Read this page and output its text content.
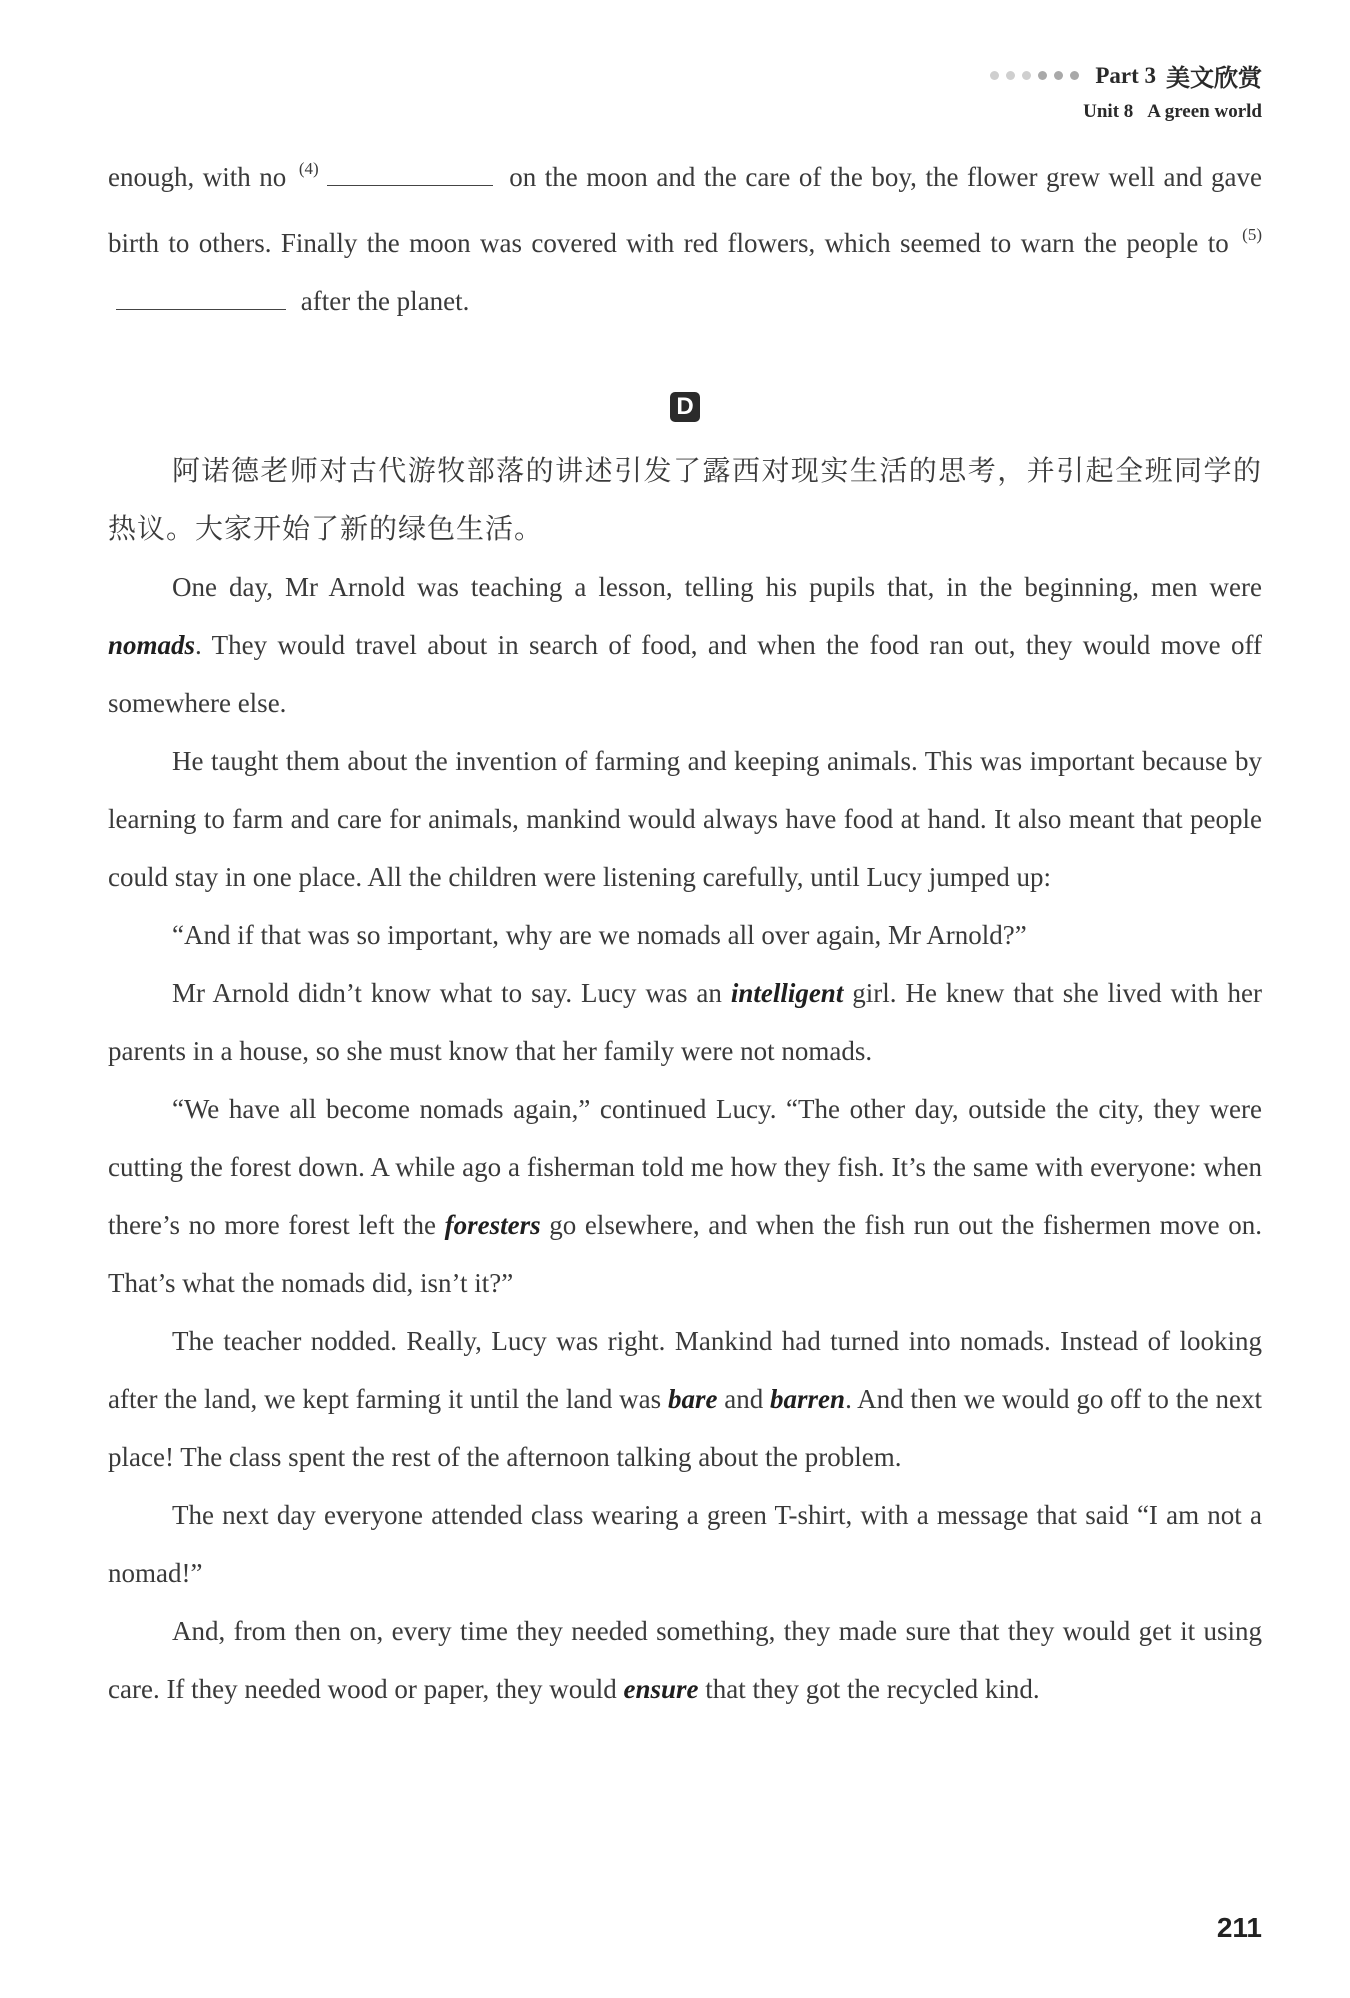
Part 3 美文欣赏
Unit 8 A green world

enough, with no $^{(4)}$	on the moon and the care of the boy, the flower grew well and gave birth to others. Finally the moon was covered with red flowers, which seemed to warn the people to $^{(5)}$ after the planet.

D

阿诺德老师对古代游牧部落的讲述引发了露西对现实生活的思考，并引起全班同学的热议。大家开始了新的绿色生活。

One day, Mr Arnold was teaching a lesson, telling his pupils that, in the beginning, men were nomads. They would travel about in search of food, and when the food ran out, they would move off somewhere else.

He taught them about the invention of farming and keeping animals. This was important because by learning to farm and care for animals, mankind would always have food at hand. It also meant that people could stay in one place. All the children were listening carefully, until Lucy jumped up:

“And if that was so important, why are we nomads all over again, Mr Arnold?”

Mr Arnold didn’t know what to say. Lucy was an intelligent girl. He knew that she lived with her parents in a house, so she must know that her family were not nomads.

“We have all become nomads again,” continued Lucy. “The other day, outside the city, they were cutting the forest down. A while ago a fisherman told me how they fish. It’s the same with everyone: when there’s no more forest left the foresters go elsewhere, and when the fish run out the fishermen move on. That’s what the nomads did, isn’t it?”

The teacher nodded. Really, Lucy was right. Mankind had turned into nomads. Instead of looking after the land, we kept farming it until the land was bare and barren. And then we would go off to the next place! The class spent the rest of the afternoon talking about the problem.

The next day everyone attended class wearing a green T-shirt, with a message that said “I am not a nomad!”

And, from then on, every time they needed something, they made sure that they would get it using care. If they needed wood or paper, they would ensure that they got the recycled kind.

211
